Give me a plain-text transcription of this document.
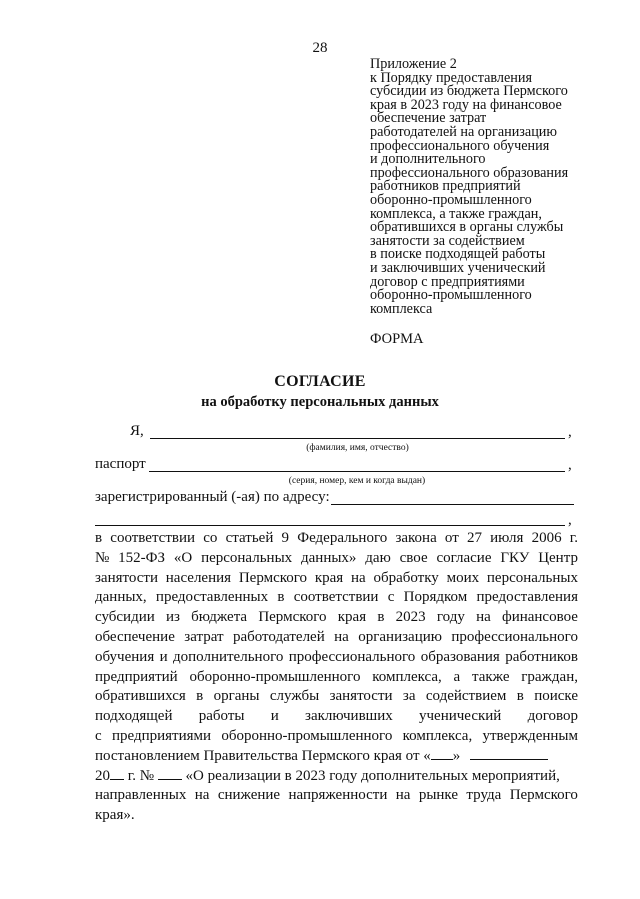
28
Приложение 2
к Порядку предоставления
субсидии из бюджета Пермского
края в 2023 году на финансовое
обеспечение затрат
работодателей на организацию
профессионального обучения
и дополнительного
профессионального образования
работников предприятий
оборонно-промышленного
комплекса, а также граждан,
обратившихся в органы службы
занятости за содействием
в поиске подходящей работы
и заключивших ученический
договор с предприятиями
оборонно-промышленного
комплекса
ФОРМА
СОГЛАСИЕ
на обработку персональных данных
Я,	,
(фамилия, имя, отчество)
паспорт	,
(серия, номер, кем и когда выдан)
зарегистрированный (-ая) по адресу:
,
в соответствии со статьей 9 Федерального закона от 27 июля 2006 г.
№ 152-ФЗ «О персональных данных» даю свое согласие ГКУ Центр
занятости населения Пермского края на обработку моих персональных
данных, предоставленных в соответствии с Порядком предоставления
субсидии из бюджета Пермского края в 2023 году на финансовое
обеспечение затрат работодателей на организацию профессионального
обучения и дополнительного профессионального образования работников
предприятий оборонно-промышленного комплекса, а также граждан,
обратившихся в органы службы занятости за содействием в поиске
подходящей работы и заключивших ученический договор
с предприятиями оборонно-промышленного комплекса, утвержденным
постановлением Правительства Пермского края от « »
20 г. № «О реализации в 2023 году дополнительных мероприятий,
направленных на снижение напряженности на рынке труда Пермского
края».
